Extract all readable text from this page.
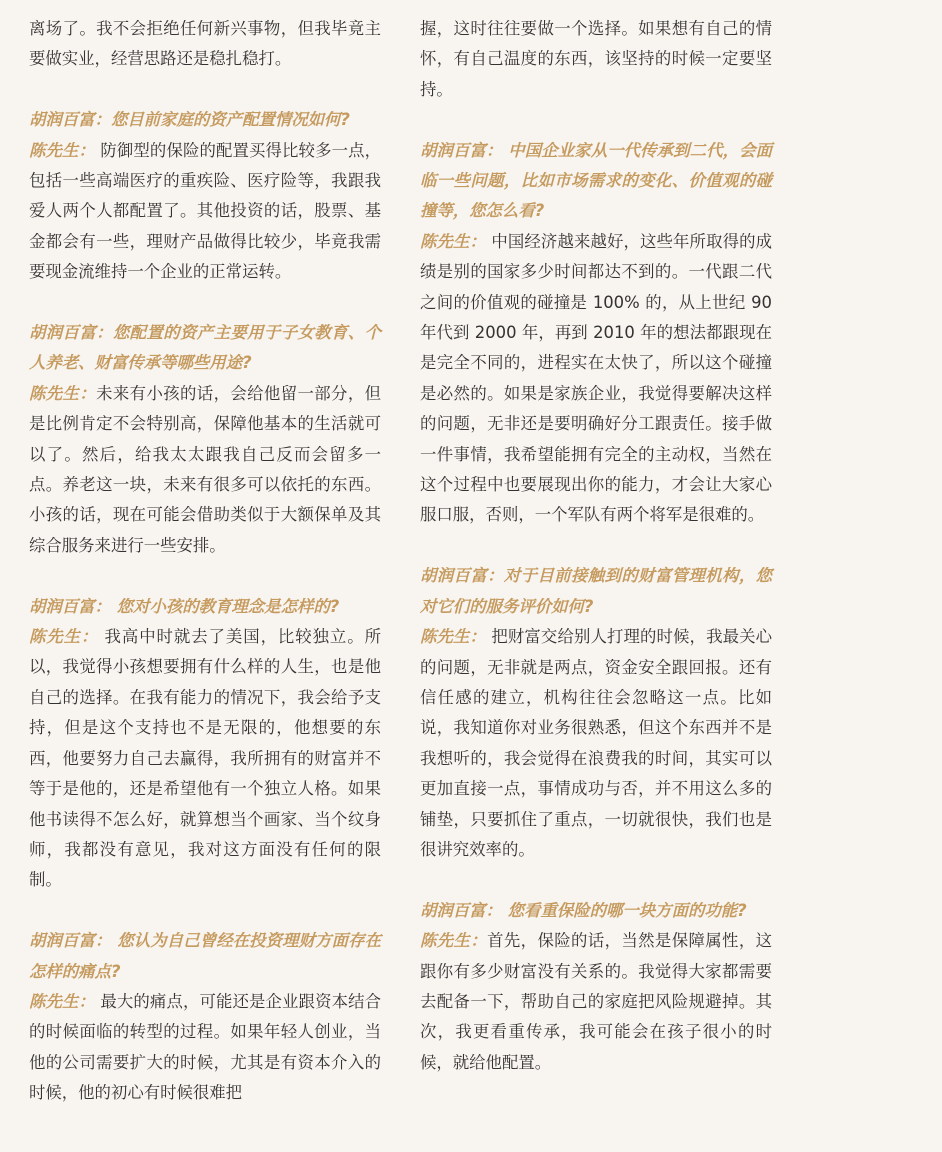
离场了。我不会拒绝任何新兴事物，但我毕竟主要做实业，经营思路还是稳扎稳打。

胡润百富：您目前家庭的资产配置情况如何?

陈先生： 防御型的保险的配置买得比较多一点，包括一些高端医疗的重疾险、医疗险等，我跟我爱人两个人都配置了。其他投资的话，股票、基金都会有一些，理财产品做得比较少，毕竟我需要现金流维持一个企业的正常运转。

胡润百富：您配置的资产主要用于子女教育、个人养老、财富传承等哪些用途?

陈先生：未来有小孩的话，会给他留一部分，但是比例肯定不会特别高，保障他基本的生活就可以了。然后，给我太太跟我自己反而会留多一点。养老这一块，未来有很多可以依托的东西。小孩的话，现在可能会借助类似于大额保单及其综合服务来进行一些安排。

胡润百富： 您对小孩的教育理念是怎样的?

陈先生： 我高中时就去了美国，比较独立。所以，我觉得小孩想要拥有什么样的人生，也是他自己的选择。在我有能力的情况下，我会给予支持，但是这个支持也不是无限的，他想要的东西，他要努力自己去赢得，我所拥有的财富并不等于是他的，还是希望他有一个独立人格。如果他书读得不怎么好，就算想当个画家、当个纹身师，我都没有意见，我对这方面没有任何的限制。

胡润百富： 您认为自己曾经在投资理财方面存在怎样的痛点?

陈先生： 最大的痛点，可能还是企业跟资本结合的时候面临的转型的过程。如果年轻人创业，当他的公司需要扩大的时候，尤其是有资本介入的时候，他的初心有时候很难把

握，这时往往要做一个选择。如果想有自己的情怀，有自己温度的东西，该坚持的时候一定要坚持。

胡润百富： 中国企业家从一代传承到二代，会面临一些问题，比如市场需求的变化、价值观的碰撞等，您怎么看?

陈先生： 中国经济越来越好，这些年所取得的成绩是别的国家多少时间都达不到的。一代跟二代之间的价值观的碰撞是 100% 的，从上世纪 90 年代到 2000 年，再到 2010 年的想法都跟现在是完全不同的，进程实在太快了，所以这个碰撞是必然的。如果是家族企业，我觉得要解决这样的问题，无非还是要明确好分工跟责任。接手做一件事情，我希望能拥有完全的主动权，当然在这个过程中也要展现出你的能力，才会让大家心服口服，否则，一个军队有两个将军是很难的。

胡润百富：对于目前接触到的财富管理机构，您对它们的服务评价如何?

陈先生： 把财富交给别人打理的时候，我最关心的问题，无非就是两点，资金安全跟回报。还有信任感的建立，机构往往会忽略这一点。比如说，我知道你对业务很熟悉，但这个东西并不是我想听的，我会觉得在浪费我的时间，其实可以更加直接一点，事情成功与否，并不用这么多的铺垫，只要抓住了重点，一切就很快，我们也是很讲究效率的。

胡润百富： 您看重保险的哪一块方面的功能?

陈先生：首先，保险的话，当然是保障属性，这跟你有多少财富没有关系的。我觉得大家都需要去配备一下，帮助自己的家庭把风险规避掉。其次，我更看重传承，我可能会在孩子很小的时候，就给他配置。
